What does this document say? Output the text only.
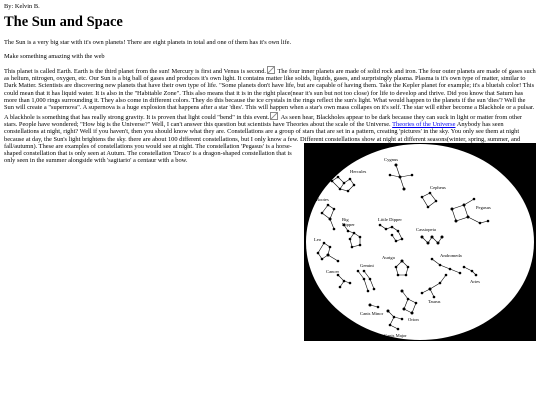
By: Kelvin B.
The Sun and Space

The Sun is a very big star with it's own planets! There are eight planets in total and one of them has it's own life.

Make something amazing with the web

This planet is called Earth. Earth is the third planet from the sun! Mercury is first and Venus is second. The four inner planets are made of solid rock and iron. The four outer planets are made of gases such as helium, nitrogen, oxygen, etc. Our Sun is a big ball of gases and produces it's own light. It contains matter like solids, liquids, gases, and surprisingly plasma. Plasma is it's own type of matter, similar to Dark Matter. Scientists are discovering new planets that have their own type of life. "Some planets don't have life, but are capable of having them. Take the Kepler planet for example; it's a blueish color! This could mean that it has liquid water. It is also in the "Habitable Zone". This also means that it is in the right place(near it's sun but not too close) for life to develop and thrive. Did you know that Saturn has more than 1,000 rings surrounding it. They also come in different colors. They do this because the ice crystals in the rings reflect the sun's light. What would happen to the planets if the sun 'dies'? Well the Sun will create a "supernova". A supernova is a huge explosion that happens after a star 'dies'. This will happen when a star's own mass collapes on it's self. The star will either become a Blackhole or a pulsar. A blackhole is something that has really strong gravity. It is proven that light could "bend" in this event. As seen hear, Blackholes appear to be dark because they can suck in light or matter from other stars. People have wondered; "How big is the Universe?" Well, I can't answer this question but scientists have Theories about the scale of the Universe. Theories of the Universe Anybody has seen constellations at night, right? Well if you haven't, then you should know what they are. Constellations are a group of stars that are set in a pattern, creating 'pictures' in the sky. You only see them at night because at day, the Sun's light brightens the sky. there are about 100 different constellations, but I only know a few. Different constellations show at night at different seasons(winter, spring, summer, and fall/autumn).
Hercules
Cygnus
Bootes
Cepheus
Pegasus
Little Dipper
Big Dipper
Leo
Cassiopeia
Auriga	Andromeda
Aries
Cancer
Gemini
Taurus
Orion
Canis Minor
Canis Major
These are examples of constellations you would see at night. The constellation 'Pegasus' is a horse-shaped constellation that is only seen at Autum. The constellation 'Draco' is a dragon-shaped constellation that is only seen in the summer alongside with 'sagitario' a centaur with a bow.
